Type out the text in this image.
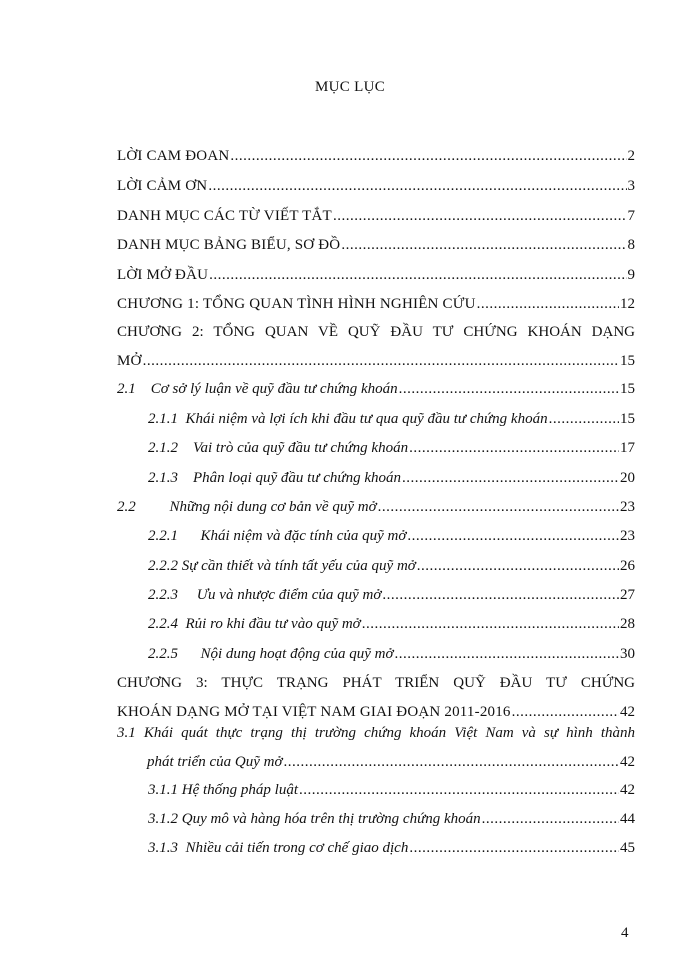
MỤC LỤC
LỜI CAM ĐOAN .....	2
LỜI CẢM ƠN .....	3
DANH MỤC CÁC TỪ VIẾT TẮT .....	7
DANH MỤC BẢNG BIỂU, SƠ ĐỒ .....	8
LỜI MỞ ĐẦU .....	9
CHƯƠNG 1: TỔNG QUAN TÌNH HÌNH NGHIÊN CỨU .....	12
CHƯƠNG 2: TỔNG QUAN VỀ QUỸ ĐẦU TƯ CHỨNG KHOÁN DẠNG
MỞ .....	15
2.1    Cơ sở lý luận về quỹ đầu tư chứng khoán .....	15
2.1.1  Khái niệm và lợi ích khi đầu tư qua quỹ đầu tư chứng khoán .....	15
2.1.2    Vai trò của quỹ đầu tư chứng khoán .....	17
2.1.3    Phân loại quỹ đầu tư chứng khoán .....	20
2.2         Những nội dung cơ bản về quỹ mở .....	23
2.2.1      Khái niệm và đặc tính của quỹ mở .....	23
2.2.2 Sự cần thiết và tính tất yếu của quỹ mở .....	26
2.2.3     Ưu và nhược điểm của quỹ mở .....	27
2.2.4  Rủi ro khi đầu tư vào quỹ mở .....	28
2.2.5      Nội dung hoạt động của quỹ mở .....	30
CHƯƠNG 3: THỰC TRẠNG PHÁT TRIỂN QUỸ ĐẦU TƯ CHỨNG
KHOÁN DẠNG MỞ TẠI VIỆT NAM GIAI ĐOẠN 2011-2016 .....	42
3.1 Khái quát thực trạng thị trường chứng khoán Việt Nam và sự hình thành
phát triển của Quỹ mở .....	42
3.1.1 Hệ thống pháp luật .....	42
3.1.2 Quy mô và hàng hóa trên thị trường chứng khoán .....	44
3.1.3  Nhiều cải tiến trong cơ chế giao dịch .....	45
4
